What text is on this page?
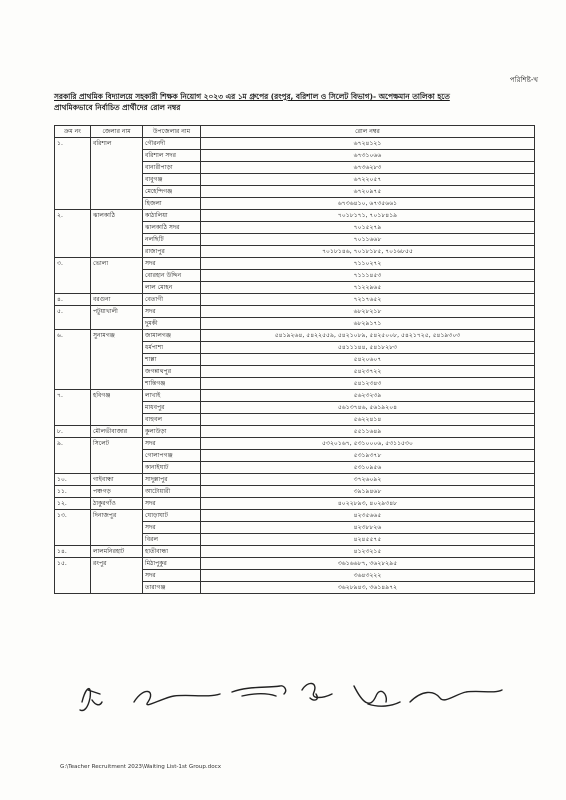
পরিশিষ্ট-খ
সরকারি প্রাথমিক বিদ্যালয়ে সহকারী শিক্ষক নিয়োগ ২০২৩ এর ১ম গ্রুপের (রংপুর, বরিশাল ও সিলেট বিভাগ)- অপেক্ষমান তালিকা হতে
প্রাথমিকভাবে নির্বাচিত প্রার্থীদের রোল নম্বর
ক্রম নং	জেলার নাম	উপজেলার নাম	রোল নম্বর
১.	বরিশাল	গৌরনদী	৬৭২৪১২১
		বরিশাল সদর	৬৭৩১০৬৬
		বানারীপাড়া	৬৭৩৬২৮৩
		বাবুগঞ্জ	৬৭২২০৫৭
		মেহেন্দিগঞ্জ	৬৭২০৯৭৫
		হিজলা	৬৭৩৬৪১০, ৬৭৩৫৬৬১
২.	ঝালকাঠি	কাঠালিয়া	৭০১৮১৭১, ৭০১৮৪১৯
		ঝালকাঠি সদর	৭০১৫২৭৯
		নলছিটি	৭০১১৬৬৮
		রাজাপুর	৭০১৮১৪৬, ৭০১৮১৮৫, ৭০১৬৮৫৫
৩.	ভোলা	সদর	৭১১০২৭২
		বোরহান উদ্দিন	৭১১১৪৫৩
		লাল মোহন	৭১২২৯৬৫
৪.	বরগুনা	বেতাগী	৭২১৭৬৫২
৫.	পটুয়াখালী	সদর	৬৮২৮২১৮
		দুমকী	৬৮২৯১৭১
৬.	সুনামগঞ্জ	জামালগঞ্জ	৫৪১৯২৬৪, ৫৪২২৫৫৯, ৫৪২১০৮৯, ৫৪২৫০০৮, ৫৪২১৭২৫, ৫৪১৯৩০৩
		ধর্মপাশা	৫৪১১১৪৪, ৫৪১৮২৮৩
		শাল্লা	৫৪২০৬০৭
		জগন্নাথপুর	৫৪২৩৭২২
		শান্তিগঞ্জ	৫৪১২৩৪৩
৭.	হবিগঞ্জ	লাখাই	৫৬২৩২৩৯
		মাধবপুর	৫৬১৩৭৪৬, ৫৬১৯২০৪
		বাহুবল	৫৬২২৪১৪
৮.	মৌলভীবাজার	কুলাউড়া	৫৫১১৬৪৯
৯.	সিলেট	সদর	৫৩২০১৬৭, ৫৩১০০০৬, ৫৩১১৫৩০
		গোলাপগঞ্জ	৫৩১৯৩৭৮
		কানাইঘাট	৫৩১০৯৫৬
১০.	গাইবান্ধা	সাদুল্লাপুর	৩৭২৬০৯২
১১.	পঞ্চগড়	আটোয়ারী	৩৯১৯৪৬৮
১২.	ঠাকুরগাঁও	সদর	৪০২২৮৯৩, ৪০২৯৩৪৮
১৩.	দিনাজপুর	ঘোড়াঘাট	৪২৩৫৬৬৫
		সদর	৪২৩৮৮২৬
		বিরল	৪২৪৫৫৭৫
১৪.	লালমনিরহাট	হাতীবান্ধা	৪১২৩২১৫
১৫.	রংপুর	মিঠাপুকুর	৩৬১৬৬৮৭, ৩৬২৮২৯৫
		সদর	৩৬৪৩২২২
		তারাগঞ্জ	৩৬২৮৯৪৩, ৩৬১৪৯৭২
G:\Teacher Recruitment 2023\Waiting List-1st Group.docx
